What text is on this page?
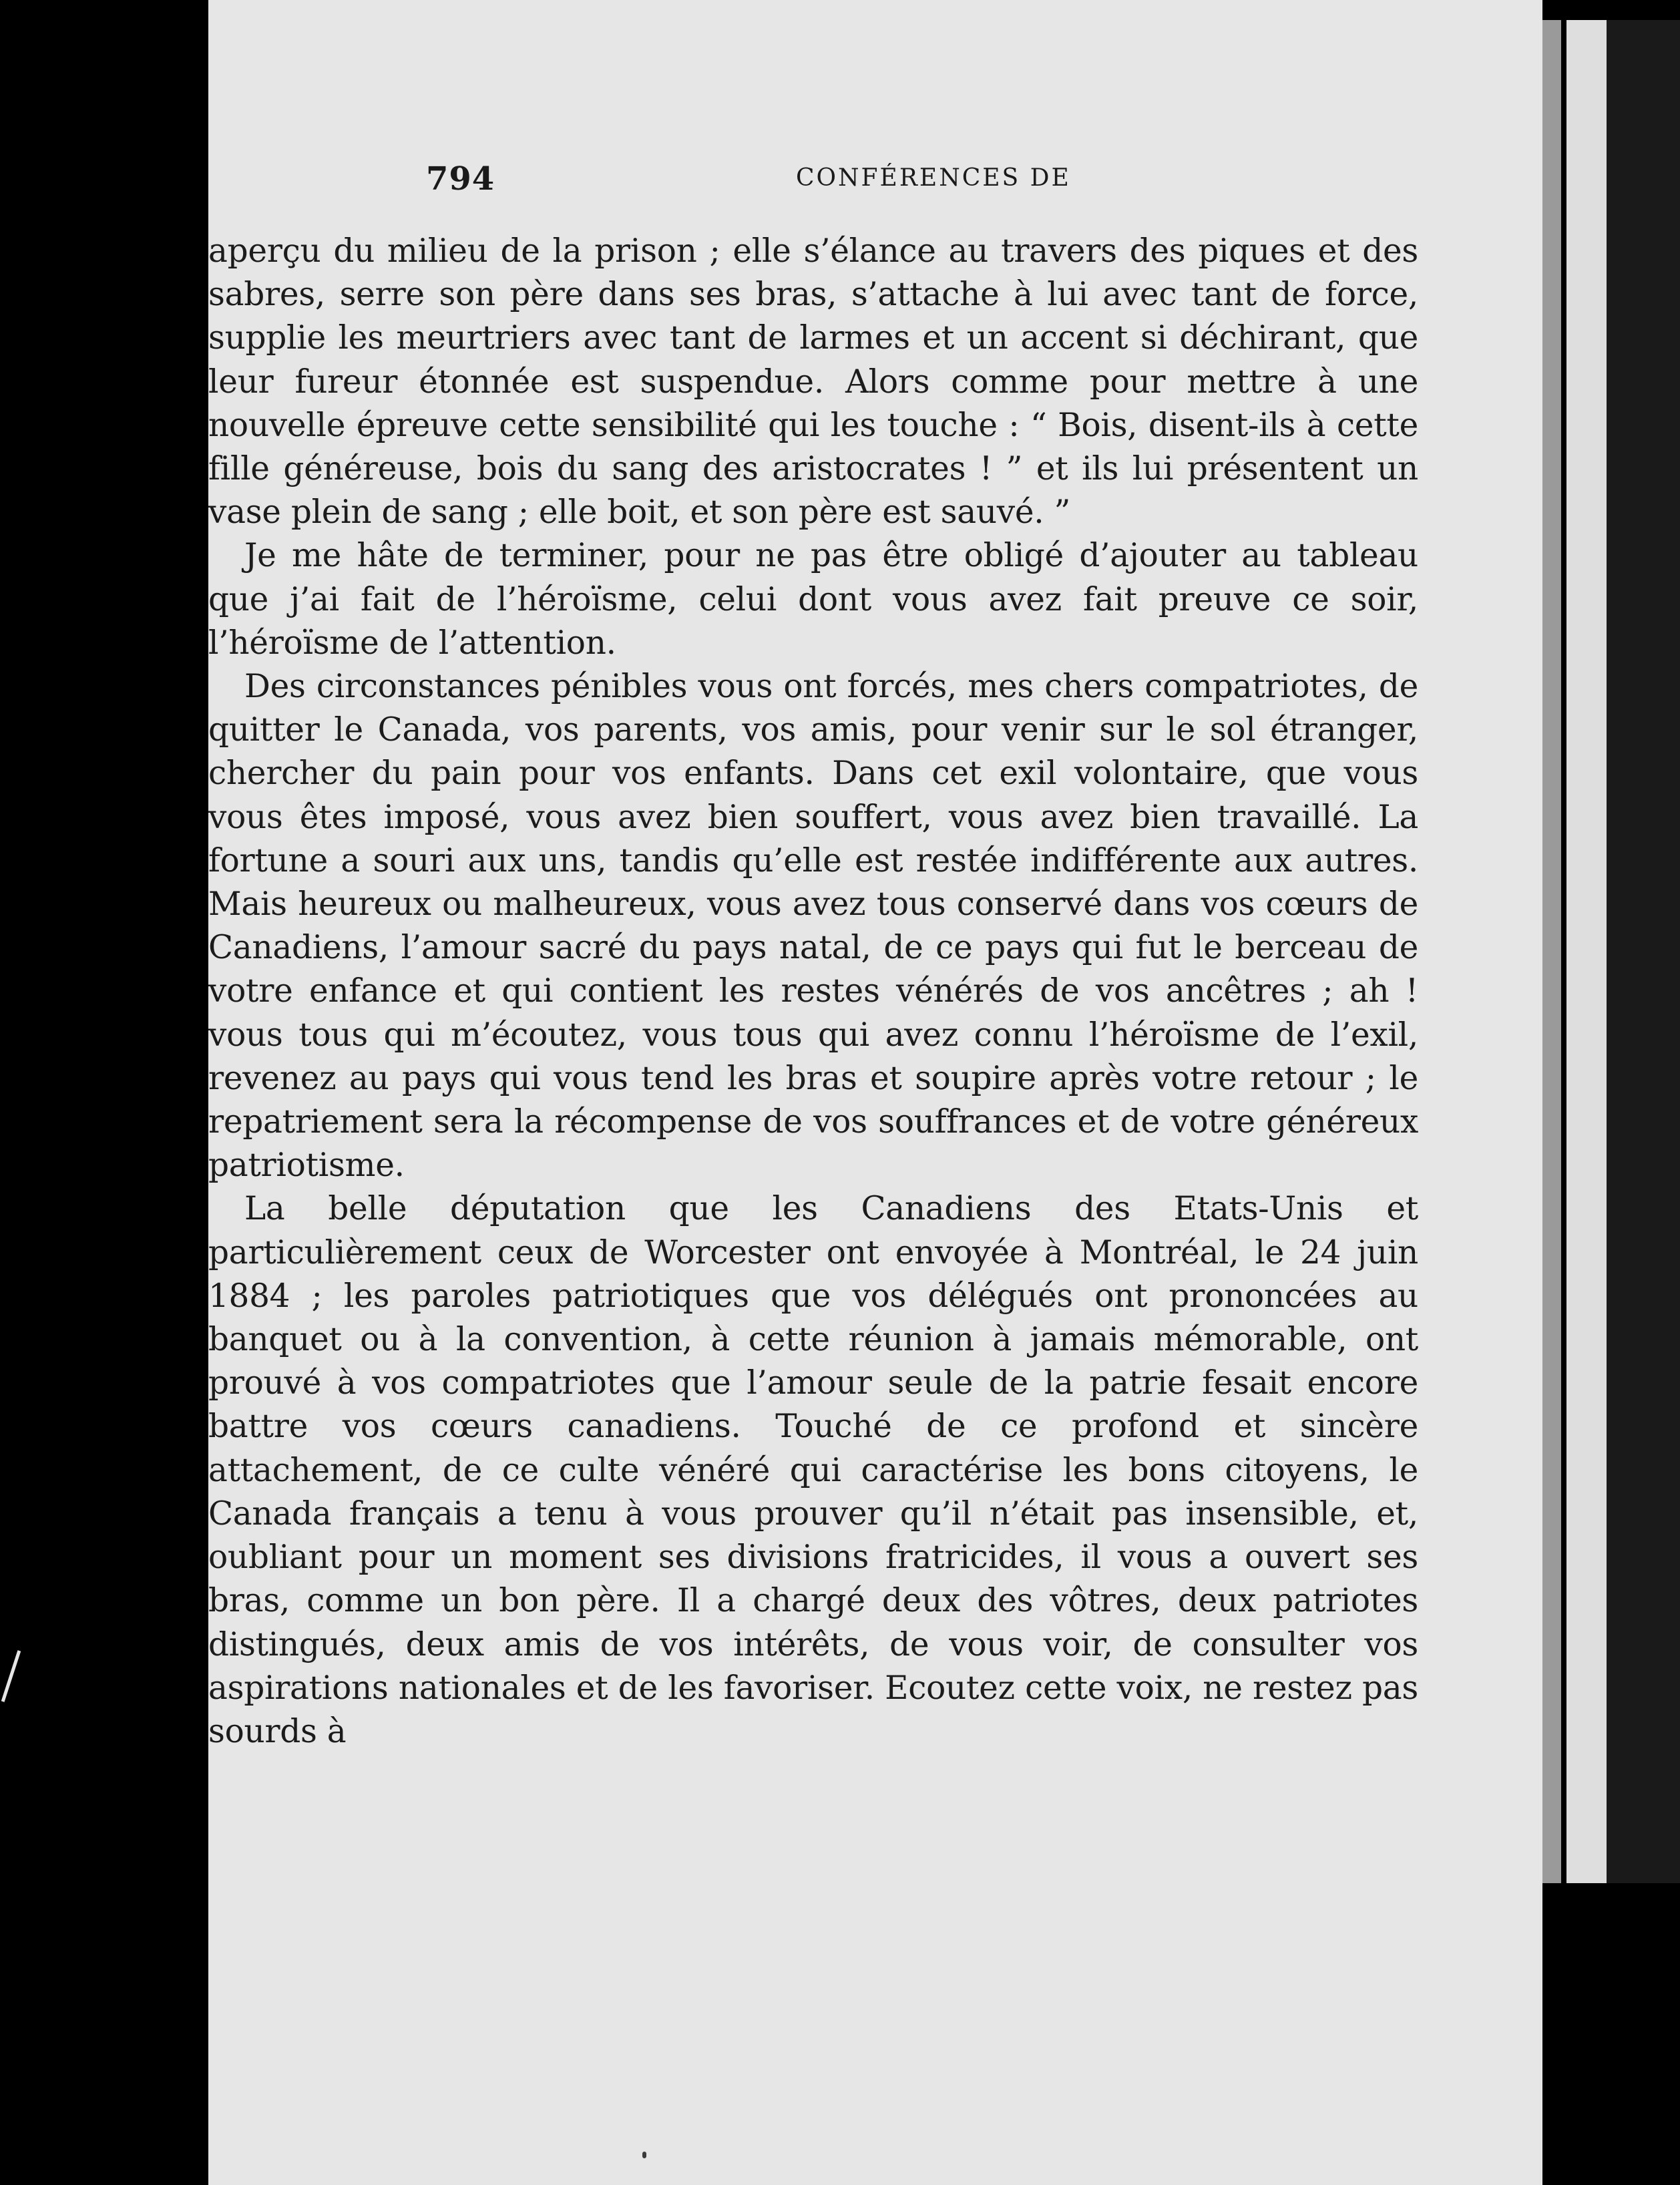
794	CONFÉRENCES DE

aperçu du milieu de la prison ; elle s’élance au travers des piques et des sabres, serre son père dans ses bras, s’attache à lui avec tant de force, supplie les meurtriers avec tant de larmes et un accent si déchirant, que leur fureur étonnée est suspendue. Alors comme pour mettre à une nouvelle épreuve cette sensibilité qui les touche : “ Bois, disent-ils à cette fille généreuse, bois du sang des aristocrates ! ” et ils lui présentent un vase plein de sang ; elle boit, et son père est sauvé. ”

Je me hâte de terminer, pour ne pas être obligé d’ajouter au tableau que j’ai fait de l’héroïsme, celui dont vous avez fait preuve ce soir, l’héroïsme de l’attention.

Des circonstances pénibles vous ont forcés, mes chers compatriotes, de quitter le Canada, vos parents, vos amis, pour venir sur le sol étranger, chercher du pain pour vos enfants. Dans cet exil volontaire, que vous vous êtes imposé, vous avez bien souffert, vous avez bien travaillé. La fortune a souri aux uns, tandis qu’elle est restée indifférente aux autres. Mais heureux ou malheureux, vous avez tous conservé dans vos cœurs de Canadiens, l’amour sacré du pays natal, de ce pays qui fut le berceau de votre enfance et qui contient les restes vénérés de vos ancêtres ; ah ! vous tous qui m’écoutez, vous tous qui avez connu l’héroïsme de l’exil, revenez au pays qui vous tend les bras et soupire après votre retour ; le repatriement sera la récompense de vos souffrances et de votre généreux patriotisme.

La belle députation que les Canadiens des Etats-Unis et particulièrement ceux de Worcester ont envoyée à Montréal, le 24 juin 1884 ; les paroles patriotiques que vos délégués ont prononcées au banquet ou à la convention, à cette réunion à jamais mémorable, ont prouvé à vos compatriotes que l’amour seule de la patrie fesait encore battre vos cœurs canadiens. Touché de ce profond et sincère attachement, de ce culte vénéré qui caractérise les bons citoyens, le Canada français a tenu à vous prouver qu’il n’était pas insensible, et, oubliant pour un moment ses divisions fratricides, il vous a ouvert ses bras, comme un bon père. Il a chargé deux des vôtres, deux patriotes distingués, deux amis de vos intérêts, de vous voir, de consulter vos aspirations nationales et de les favoriser. Ecoutez cette voix, ne restez pas sourds à
